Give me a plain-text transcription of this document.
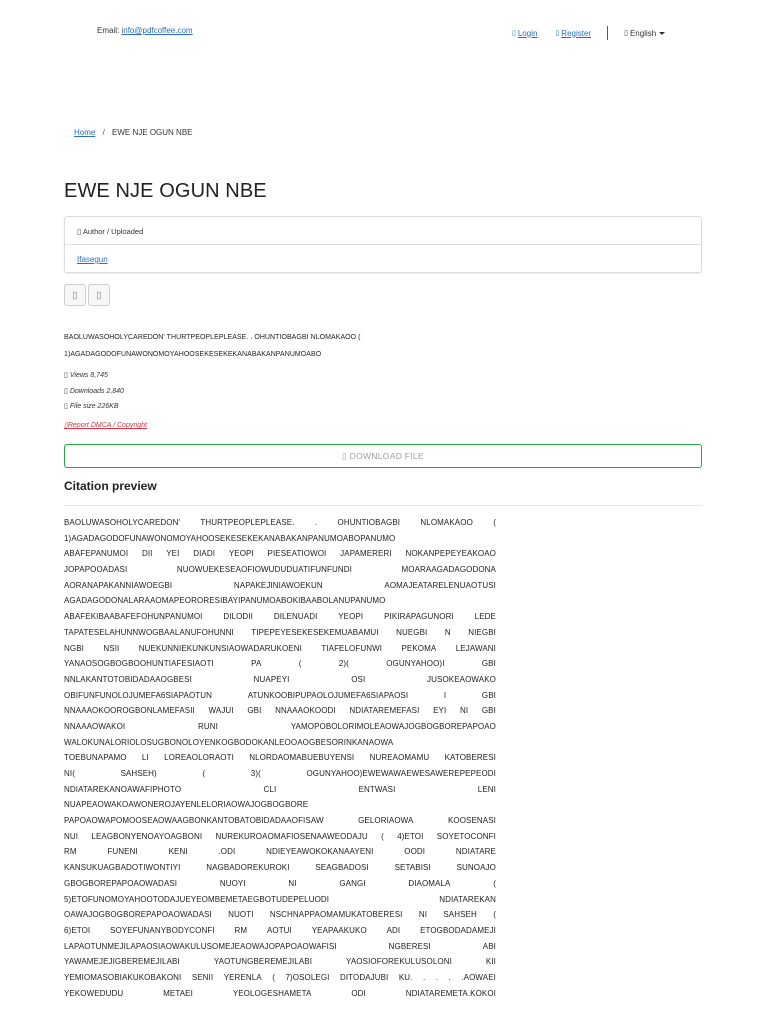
Email: info@pdfcoffee.com	▯ Login	▯ Register	▯ English
Home / EWE NJE OGUN NBE
EWE NJE OGUN NBE
▯ Author / Uploaded
Ifasegun
▯ ▯
BAOLUWASOHOLYCAREDON' THURTPEOPLEPLEASE. . OHUNTIOBAGBI NLOMAKAOO (
1)AGADAGODOFUNAWONOMOYAHOOSEKESEKEKANABAKANPANUMOABO
▯ Views 8,745
▯ Downloads 2,840
▯ File size 226KB
▯Report DMCA / Copyright
▯ DOWNLOAD FILE
Citation preview
BAOLUWASOHOLYCAREDON'	THURTPEOPLEPLEASE.	.	OHUNTIOBAGBI	NLOMAKAOO	(
1)AGADAGODOFUNAWONOMOYAHOOSEKESEKEKANABAKANPANUMOABOPANUMO
ABAFEPANUMOI DII YEI DIADI YEOPI PIESEATIOWOI JAPAMERERI NOKANPEPEYEAKOAO
JOPAPOOADASI	NUOWUEKESEAOFIOWUDUDUATIFUNFUNDI	MOARAAGADAGODONA
AORANAPAKANNIAWOEGBI	NAPAKEJINIAWOEKUN	AOMAJEATARELENUAOTUSI
AGADAGODONALARAAOMAPEORORESIBAYIPANUMOABOKIBAABOLANUPANUMO
ABAFEKIBAABAFEFOHUNPANUMOI	DILODII	DILENUADI	YEOPI	PIKIRAPAGUNORI	LEDE
TAPATESELAHUNNWOGBAALANUFOHUNNI TIPEPEYESEKESEKEMUABAMUI NUEGBI N NIEGBI
NGBI NSII NUEKUNNIEKUNKUNSIAOWADARUKOENI TIAFELOFUNWI PEKOMA LEJAWANI
YANAOSOGBOGBOOHUNTIAFESIAOTI	PA	(	2)(	OGUNYAHOO)I	GBI
NNLAKANTOTOBIDADAAOGBESI	NUAPEYI	OSI	JUSOKEAOWAKO
OBIFUNFUNOLOJUMEFA6SIAPAOTUN	ATUNKOOBIPUPAOLOJUMEFA6SIAPAOSI	I	GBI
NNAAAOKOOROGBONLAMEFASII WAJUI GBI NNAAAOKOODI NDIATAREMEFASI EYI NI GBI
NNAAAOWAKOI	RUNI	YAMOPOBOLORIMOLEAOWAJOGBOGBOREPAPOAO
WALOKUNALORIOLOSUGBONOLOYENKOGBODOKANLEOOAOGBESORINKANAOWA
TOEBUNAPAMO LI LOREAOLORAOTI NLORDAOMABUEBUYENSI NUREAOMAMU KATOBERESI
NI(	SAHSEH)	(	3)(	OGUNYAHOO)EWEWAWAEWESAWEREPEPEODI
NDIATAREKANOAWAFIPHOTO	CLI	ENTWASI	LENI
NUAPEAOWAKOAWONEROJAYENLELORIAOWAJOGBOGBORE
PAPOAOWAPOMOOSEAOWAAGBONKANTOBATOBIDADAAOFISAW	GELORIAOWA	KOOSENASI
NUI LEAGBONYENOAYOAGBONI NUREKUROAOMAFIOSENAAWEODAJU ( 4)ETOI SOYETOCONFI
RM	FUNENI	KENI	.ODI	NDIEYEAWOKOKANAAYENI	OODI	NDIATARE
KANSUKUAGBADOTIWONTIYI	NAGBADOREKUROKI	SEAGBADOSI	SETABISI	SUNOAJO
GBOGBOREPAPOAOWADASI	NUOYI	NI	GANGI	DIAOMALA	(
5)ETOFUNOMOYAHOOTODAJUEYEOMBEMETAEGBOTUDEPELUODI	NDIATAREKAN
OAWAJOGBOGBOREPAPOAOWADASI NUOTI NSCHNAPPAOMAMUKATOBERESI NI SAHSEH (
6)ETOI SOYEFUNANYBODYCONFI RM AOTUI YEAPAAKUKO ADI ETOGBODADAMEJI
LAPAOTUNMEJILAPAOSIAOWAKULUSOMEJEAOWAJOPAPOAOWAFISI	NGBERESI	ABI
YAWAMEJEJIGBEREMEJILABI	YAOTUNGBEREMEJILABI	YAOSIOFOREKULUSOLONI	KII
YEMIOMASOBIAKUKOBAKONI SENII YERENLA ( 7)OSOLEGI DITODAJUBI KU. . . . .AOWAEI
YEKOWEDUDU	METAEI	YEOLOGESHAMETA	ODI	NDIATAREMETA.KOKOI
